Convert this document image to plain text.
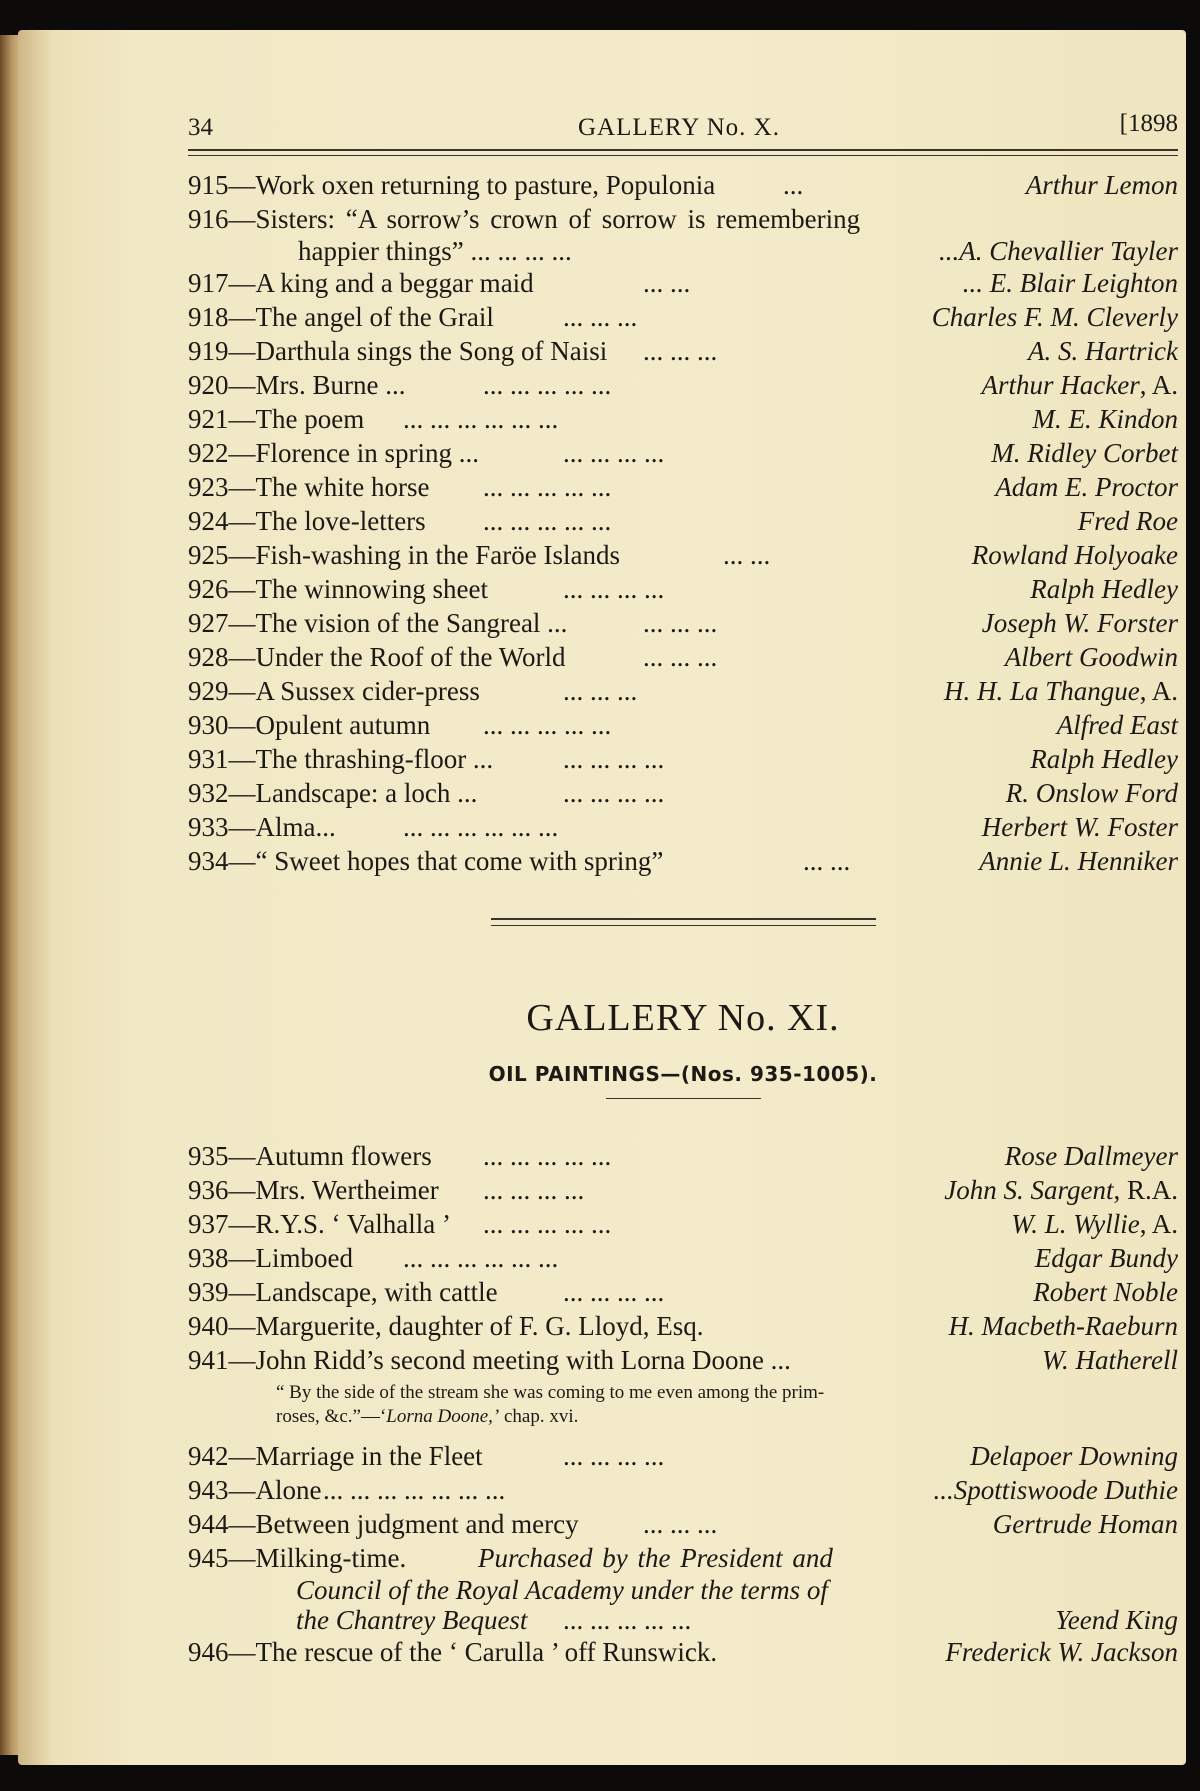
34	GALLERY No. X.	[1898
915—Work oxen returning to pasture, Populonia	...	Arthur Lemon
916—Sisters: “A sorrow’s crown of sorrow is remembering
happier things” ... ... ... ...	...A. Chevallier Tayler
917—A king and a beggar maid	... ...	... E. Blair Leighton
918—The angel of the Grail	... ... ...	Charles F. M. Cleverly
919—Darthula sings the Song of Naisi ... ... ...	A. S. Hartrick
920—Mrs. Burne ...	... ... ... ... ...	Arthur Hacker, A.
921—The poem ... ... ... ... ... ...	M. E. Kindon
922—Florence in spring ...	... ... ... ...	M. Ridley Corbet
923—The white horse ... ... ... ... ...	Adam E. Proctor
924—The love-letters ... ... ... ... ...	Fred Roe
925—Fish-washing in the Faröe Islands	... ...	Rowland Holyoake
926—The winnowing sheet	... ... ... ...	Ralph Hedley
927—The vision of the Sangreal ...	... ... ...	Joseph W. Forster
928—Under the Roof of the World	... ... ...	Albert Goodwin
929—A Sussex cider-press	... ... ...	H. H. La Thangue, A.
930—Opulent autumn ... ... ... ... ...	Alfred East
931—The thrashing-floor ...	... ... ... ...	Ralph Hedley
932—Landscape: a loch ...	... ... ... ...	R. Onslow Ford
933—Alma... ... ... ... ... ... ...	Herbert W. Foster
934—“ Sweet hopes that come with spring”	... ...	Annie L. Henniker
GALLERY No. XI.
OIL PAINTINGS—(Nos. 935-1005).
935—Autumn flowers ... ... ... ... ...	Rose Dallmeyer
936—Mrs. Wertheimer ... ... ... ...	John S. Sargent, R.A.
937—R.Y.S. ‘ Valhalla ’ ... ... ... ... ...	W. L. Wyllie, A.
938—Limboed ... ... ... ... ... ...	Edgar Bundy
939—Landscape, with cattle ... ... ... ...	Robert Noble
940—Marguerite, daughter of F. G. Lloyd, Esq.	H. Macbeth-Raeburn
941—John Ridd’s second meeting with Lorna Doone ...	W. Hatherell
“ By the side of the stream she was coming to me even among the prim-
roses, &c.”—‘Lorna Doone,’ chap. xvi.
942—Marriage in the Fleet	... ... ... ...	Delapoer Downing
943—Alone ... ... ... ... ... ... ...	...Spottiswoode Duthie
944—Between judgment and mercy ... ... ...	Gertrude Homan
945—Milking-time.	Purchased by the President and
Council of the Royal Academy under the terms of
the Chantrey Bequest ... ... ... ... ...	Yeend King
946—The rescue of the ‘ Carulla ’ off Runswick.	Frederick W. Jackson
